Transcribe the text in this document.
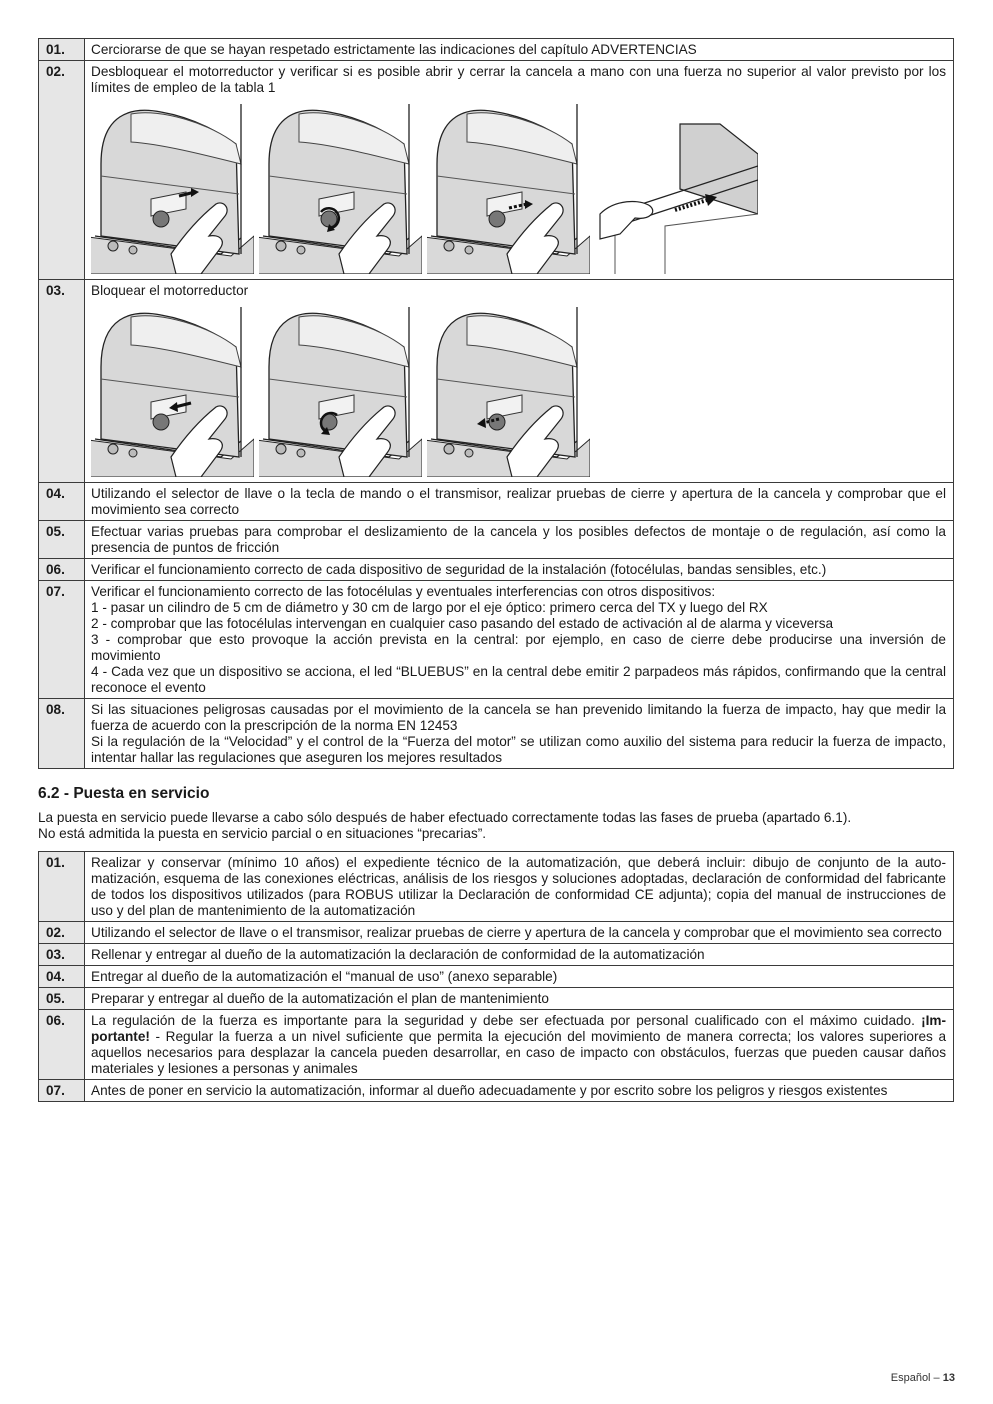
01.	Cerciorarse de que se hayan respetado estrictamente las indicaciones del capítulo ADVERTENCIAS
02.	Desbloquear el motorreductor y verificar si es posible abrir y cerrar la cancela a mano con una fuerza no superior al valor previsto por los límites de empleo de la tabla 1

03.	Bloquear el motorreductor

04.	Utilizando el selector de llave o la tecla de mando o el transmisor, realizar pruebas de cierre y apertura de la cancela y comprobar que el movimiento sea correcto
05.	Efectuar varias pruebas para comprobar el deslizamiento de la cancela y los posibles defectos de montaje o de regulación, así como la presencia de puntos de fricción
06.	Verificar el funcionamiento correcto de cada dispositivo de seguridad de la instalación (fotocélulas, bandas sensibles, etc.)
07.	Verificar el funcionamiento correcto de las fotocélulas y eventuales interferencias con otros dispositivos:
1 - pasar un cilindro de 5 cm de diámetro y 30 cm de largo por el eje óptico: primero cerca del TX y luego del RX
2 - comprobar que las fotocélulas intervengan en cualquier caso pasando del estado de activación al de alarma y viceversa
3 - comprobar que esto provoque la acción prevista en la central: por ejemplo, en caso de cierre debe producirse una inversión de movimiento
4 - Cada vez que un dispositivo se acciona, el led “BLUEBUS” en la central debe emitir 2 parpadeos más rápidos, confirmando que la central reconoce el evento

08.	Si las situaciones peligrosas causadas por el movimiento de la cancela se han prevenido limitando la fuerza de impacto, hay que medir la fuerza de acuerdo con la prescripción de la norma EN 12453
Si la regulación de la “Velocidad” y el control de la “Fuerza del motor” se utilizan como auxilio del sistema para reducir la fuerza de impacto, intentar hallar las regulaciones que aseguren los mejores resultados
6.2 - Puesta en servicio

La puesta en servicio puede llevarse a cabo sólo después de haber efectuado correctamente todas las fases de prueba (apartado 6.1).
No está admitida la puesta en servicio parcial o en situaciones “precarias”.

01.	Realizar y conservar (mínimo 10 años) el expediente técnico de la automatización, que deberá incluir: dibujo de conjunto de la auto-matización, esquema de las conexiones eléctricas, análisis de los riesgos y soluciones adoptadas, declaración de conformidad del fabricante de todos los dispositivos utilizados (para ROBUS utilizar la Declaración de conformidad CE adjunta); copia del manual de instrucciones de uso y del plan de mantenimiento de la automatización
02.	Utilizando el selector de llave o el transmisor, realizar pruebas de cierre y apertura de la cancela y comprobar que el movimiento sea correcto
03.	Rellenar y entregar al dueño de la automatización la declaración de conformidad de la automatización
04.	Entregar al dueño de la automatización el “manual de uso” (anexo separable)
05.	Preparar y entregar al dueño de la automatización el plan de mantenimiento
06.	La regulación de la fuerza es importante para la seguridad y debe ser efectuada por personal cualificado con el máximo cuidado. ¡Im-portante! - Regular la fuerza a un nivel suficiente que permita la ejecución del movimiento de manera correcta; los valores superiores a aquellos necesarios para desplazar la cancela pueden desarrollar, en caso de impacto con obstáculos, fuerzas que pueden causar daños materiales y lesiones a personas y animales
07.	Antes de poner en servicio la automatización, informar al dueño adecuadamente y por escrito sobre los peligros y riesgos existentes
Español – 13
